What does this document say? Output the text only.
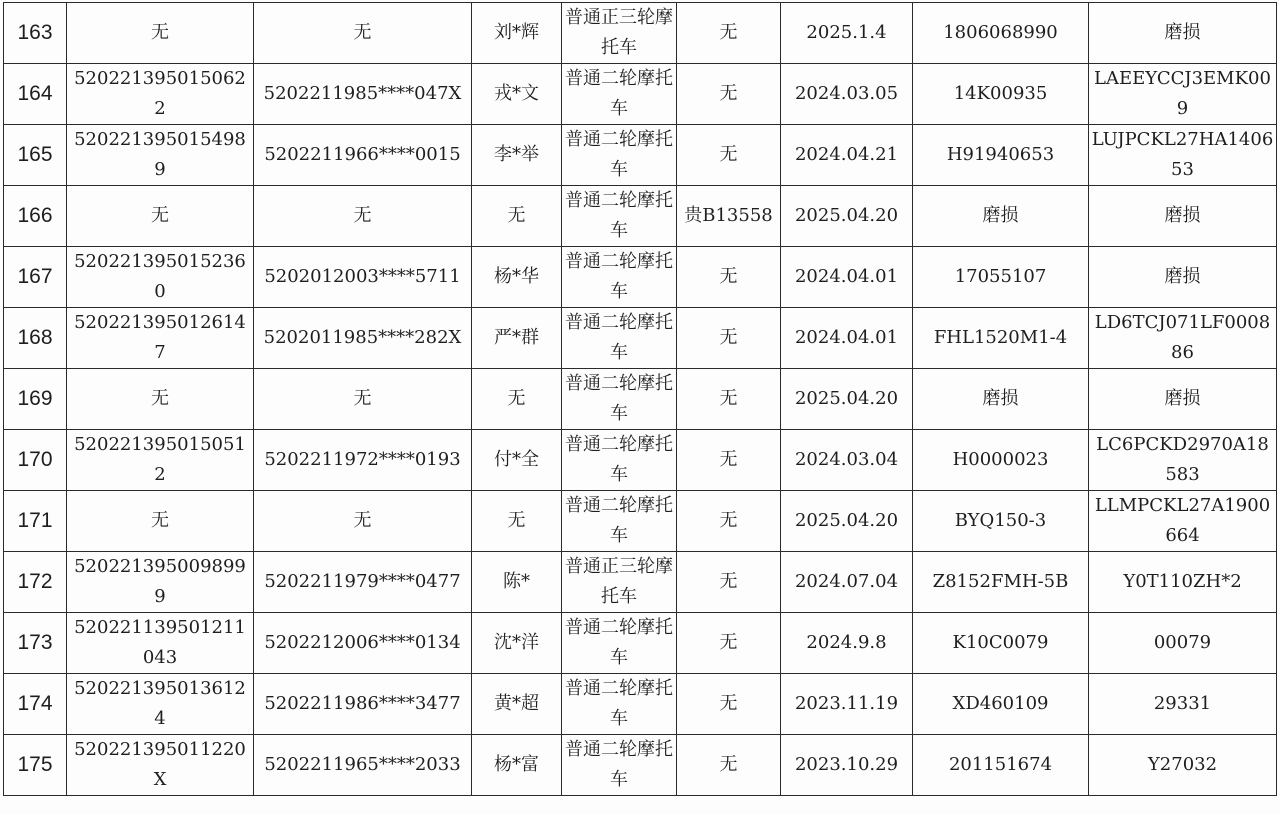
163	无	无	刘*辉	普通正三轮摩托车	无	2025.1.4	1806068990	磨损
164	5202213950150622	5202211985****047X	戎*文	普通二轮摩托车	无	2024.03.05	14K00935	LAEEYCCJ3EMK009
165	5202213950154989	5202211966****0015	李*举	普通二轮摩托车	无	2024.04.21	H91940653	LUJPCKL27HA140653
166	无	无	无	普通二轮摩托车	贵B13558	2025.04.20	磨损	磨损
167	5202213950152360	5202012003****5711	杨*华	普通二轮摩托车	无	2024.04.01	17055107	磨损
168	5202213950126147	5202011985****282X	严*群	普通二轮摩托车	无	2024.04.01	FHL1520M1-4	LD6TCJ071LF000886
169	无	无	无	普通二轮摩托车	无	2025.04.20	磨损	磨损
170	5202213950150512	5202211972****0193	付*全	普通二轮摩托车	无	2024.03.04	H0000023	LC6PCKD2970A18583
171	无	无	无	普通二轮摩托车	无	2025.04.20	BYQ150-3	LLMPCKL27A1900664
172	5202213950098999	5202211979****0477	陈*	普通正三轮摩托车	无	2024.07.04	Z8152FMH-5B	Y0T110ZH*2
173	520221139501211043	5202212006****0134	沈*洋	普通二轮摩托车	无	2024.9.8	K10C0079	00079
174	5202213950136124	5202211986****3477	黄*超	普通二轮摩托车	无	2023.11.19	XD460109	29331
175	520221395011220X	5202211965****2033	杨*富	普通二轮摩托车	无	2023.10.29	201151674	Y27032
